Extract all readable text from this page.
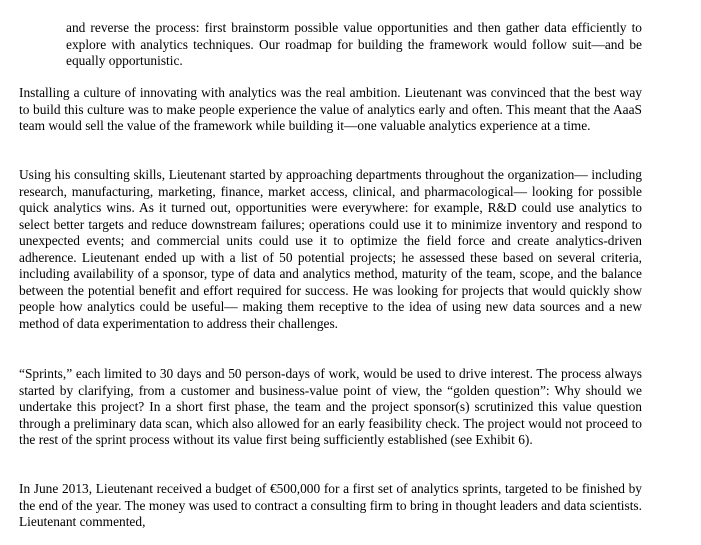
and reverse the process: first brainstorm possible value opportunities and then gather data efficiently to explore with analytics techniques. Our roadmap for building the framework would follow suit—and be equally opportunistic.

Installing a culture of innovating with analytics was the real ambition. Lieutenant was convinced that the best way to build this culture was to make people experience the value of analytics early and often. This meant that the AaaS team would sell the value of the framework while building it—one valuable analytics experience at a time.

Using his consulting skills, Lieutenant started by approaching departments throughout the organization— including research, manufacturing, marketing, finance, market access, clinical, and pharmacological— looking for possible quick analytics wins. As it turned out, opportunities were everywhere: for example, R&D could use analytics to select better targets and reduce downstream failures; operations could use it to minimize inventory and respond to unexpected events; and commercial units could use it to optimize the field force and create analytics-driven adherence. Lieutenant ended up with a list of 50 potential projects; he assessed these based on several criteria, including availability of a sponsor, type of data and analytics method, maturity of the team, scope, and the balance between the potential benefit and effort required for success. He was looking for projects that would quickly show people how analytics could be useful— making them receptive to the idea of using new data sources and a new method of data experimentation to address their challenges.

“Sprints,” each limited to 30 days and 50 person-days of work, would be used to drive interest. The process always started by clarifying, from a customer and business-value point of view, the “golden question”: Why should we undertake this project? In a short first phase, the team and the project sponsor(s) scrutinized this value question through a preliminary data scan, which also allowed for an early feasibility check. The project would not proceed to the rest of the sprint process without its value first being sufficiently established (see Exhibit 6).

In June 2013, Lieutenant received a budget of €500,000 for a first set of analytics sprints, targeted to be finished by the end of the year. The money was used to contract a consulting firm to bring in thought leaders and data scientists. Lieutenant commented,
